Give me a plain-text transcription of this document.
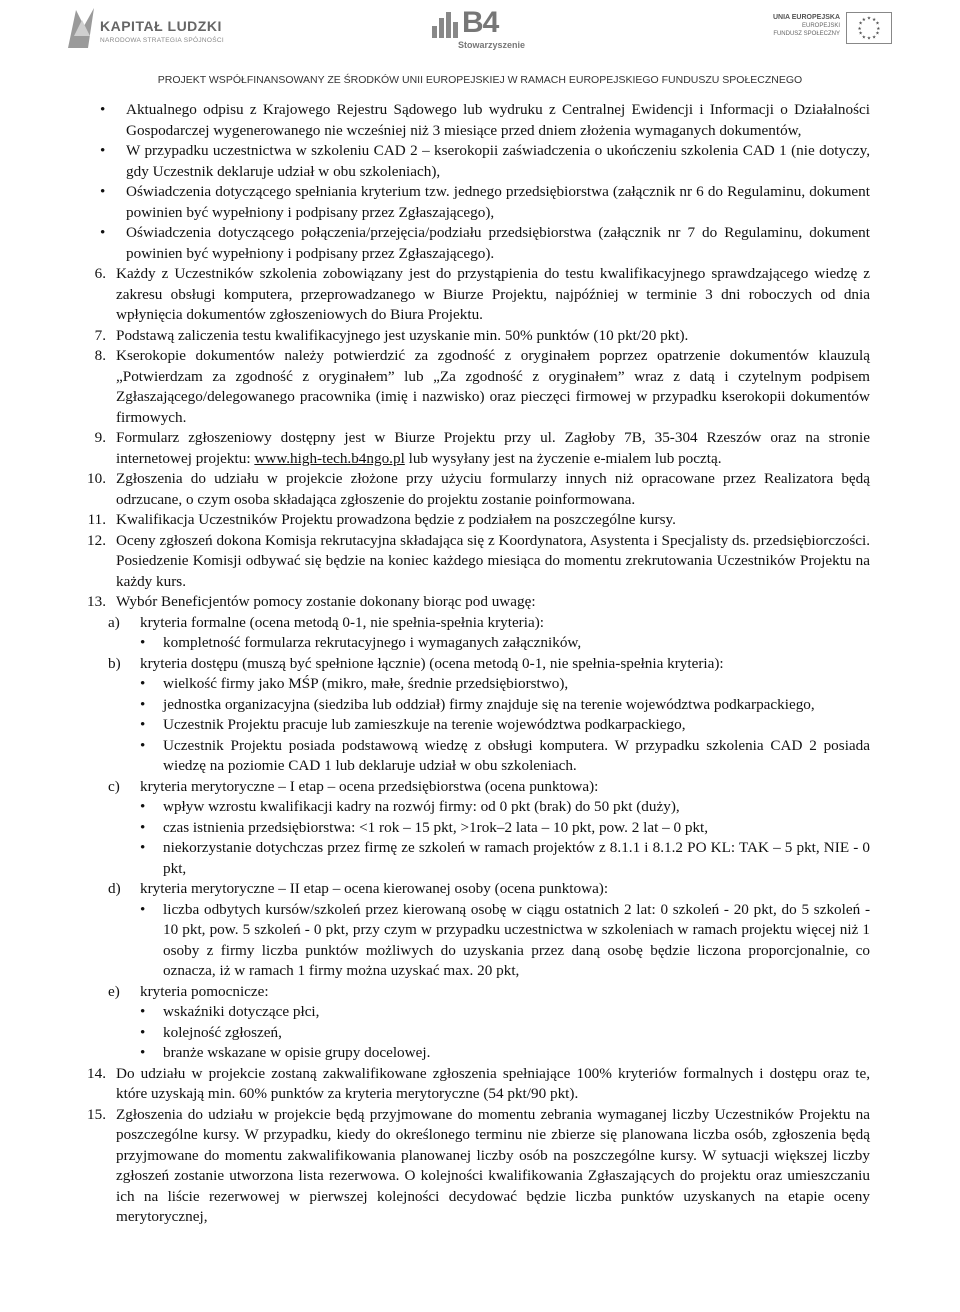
KAPITAŁ LUDZKI
NARODOWA STRATEGIA SPÓJNOŚCI
B4
Stowarzyszenie
UNIA EUROPEJSKA
EUROPEJSKI
FUNDUSZ SPOŁECZNY
★ ★
★
★
★
★
★
★
★
★
★
★
PROJEKT WSPÓŁFINANSOWANY ZE ŚRODKÓW UNII EUROPEJSKIEJ W RAMACH EUROPEJSKIEGO FUNDUSZU SPOŁECZNEGO
• Aktualnego odpisu z Krajowego Rejestru Sądowego lub wydruku z Centralnej Ewidencji i Informacji o Działalności Gospodarczej wygenerowanego nie wcześniej niż 3 miesiące przed dniem złożenia wymaganych dokumentów,
• W przypadku uczestnictwa w szkoleniu CAD 2 – kserokopii zaświadczenia o ukończeniu szkolenia CAD 1 (nie dotyczy, gdy Uczestnik deklaruje udział w obu szkoleniach),
• Oświadczenia dotyczącego spełniania kryterium tzw. jednego przedsiębiorstwa (załącznik nr 6 do Regulaminu, dokument powinien być wypełniony i podpisany przez Zgłaszającego),
• Oświadczenia dotyczącego połączenia/przejęcia/podziału przedsiębiorstwa (załącznik nr 7 do Regulaminu, dokument powinien być wypełniony i podpisany przez Zgłaszającego).
6. Każdy z Uczestników szkolenia zobowiązany jest do przystąpienia do testu kwalifikacyjnego sprawdzającego wiedzę z zakresu obsługi komputera, przeprowadzanego w Biurze Projektu, najpóźniej w terminie 3 dni roboczych od dnia wpłynięcia dokumentów zgłoszeniowych do Biura Projektu.
7. Podstawą zaliczenia testu kwalifikacyjnego jest uzyskanie min. 50% punktów (10 pkt/20 pkt).
8. Kserokopie dokumentów należy potwierdzić za zgodność z oryginałem poprzez opatrzenie dokumentów klauzulą „Potwierdzam za zgodność z oryginałem” lub „Za zgodność z oryginałem” wraz z datą i czytelnym podpisem Zgłaszającego/delegowanego pracownika (imię i nazwisko) oraz pieczęci firmowej w przypadku kserokopii dokumentów firmowych.
9. Formularz zgłoszeniowy dostępny jest w Biurze Projektu przy ul. Zagłoby 7B, 35-304 Rzeszów oraz na stronie internetowej projektu: www.high-tech.b4ngo.pl lub wysyłany jest na życzenie e-mialem lub pocztą.
10. Zgłoszenia do udziału w projekcie złożone przy użyciu formularzy innych niż opracowane przez Realizatora będą odrzucane, o czym osoba składająca zgłoszenie do projektu zostanie poinformowana.
11. Kwalifikacja Uczestników Projektu prowadzona będzie z podziałem na poszczególne kursy.
12. Oceny zgłoszeń dokona Komisja rekrutacyjna składająca się z Koordynatora, Asystenta i Specjalisty ds. przedsiębiorczości. Posiedzenie Komisji odbywać się będzie na koniec każdego miesiąca do momentu zrekrutowania Uczestników Projektu na każdy kurs.
13. Wybór Beneficjentów pomocy zostanie dokonany biorąc pod uwagę:
a) kryteria formalne (ocena metodą 0-1, nie spełnia-spełnia kryteria):
• kompletność formularza rekrutacyjnego i wymaganych załączników,
b) kryteria dostępu (muszą być spełnione łącznie) (ocena metodą 0-1, nie spełnia-spełnia kryteria):
• wielkość firmy jako MŚP (mikro, małe, średnie przedsiębiorstwo),
• jednostka organizacyjna (siedziba lub oddział) firmy znajduje się na terenie województwa podkarpackiego,
• Uczestnik Projektu pracuje lub zamieszkuje na terenie województwa podkarpackiego,
• Uczestnik Projektu posiada podstawową wiedzę z obsługi komputera. W przypadku szkolenia CAD 2 posiada wiedzę na poziomie CAD 1 lub deklaruje udział w obu szkoleniach.
c) kryteria merytoryczne – I etap – ocena przedsiębiorstwa (ocena punktowa):
• wpływ wzrostu kwalifikacji kadry na rozwój firmy: od 0 pkt (brak) do 50 pkt (duży),
• czas istnienia przedsiębiorstwa: <1 rok – 15 pkt, >1rok–2 lata – 10 pkt, pow. 2 lat – 0 pkt,
• niekorzystanie dotychczas przez firmę ze szkoleń w ramach projektów z 8.1.1 i 8.1.2 PO KL: TAK – 5 pkt, NIE - 0 pkt,
d) kryteria merytoryczne – II etap – ocena kierowanej osoby (ocena punktowa):
• liczba odbytych kursów/szkoleń przez kierowaną osobę w ciągu ostatnich 2 lat: 0 szkoleń - 20 pkt, do 5 szkoleń - 10 pkt, pow. 5 szkoleń - 0 pkt, przy czym w przypadku uczestnictwa w szkoleniach w ramach projektu więcej niż 1 osoby z firmy liczba punktów możliwych do uzyskania przez daną osobę będzie liczona proporcjonalnie, co oznacza, iż w ramach 1 firmy można uzyskać max. 20 pkt,
e) kryteria pomocnicze:
• wskaźniki dotyczące płci,
• kolejność zgłoszeń,
• branże wskazane w opisie grupy docelowej.
14. Do udziału w projekcie zostaną zakwalifikowane zgłoszenia spełniające 100% kryteriów formalnych i dostępu oraz te, które uzyskają min. 60% punktów za kryteria merytoryczne (54 pkt/90 pkt).
15. Zgłoszenia do udziału w projekcie będą przyjmowane do momentu zebrania wymaganej liczby Uczestników Projektu na poszczególne kursy. W przypadku, kiedy do określonego terminu nie zbierze się planowana liczba osób, zgłoszenia będą przyjmowane do momentu zakwalifikowania planowanej liczby osób na poszczególne kursy. W sytuacji większej liczby zgłoszeń zostanie utworzona lista rezerwowa. O kolejności kwalifikowania Zgłaszających do projektu oraz umieszczaniu ich na liście rezerwowej w pierwszej kolejności decydować będzie liczba punktów uzyskanych na etapie oceny merytorycznej,
